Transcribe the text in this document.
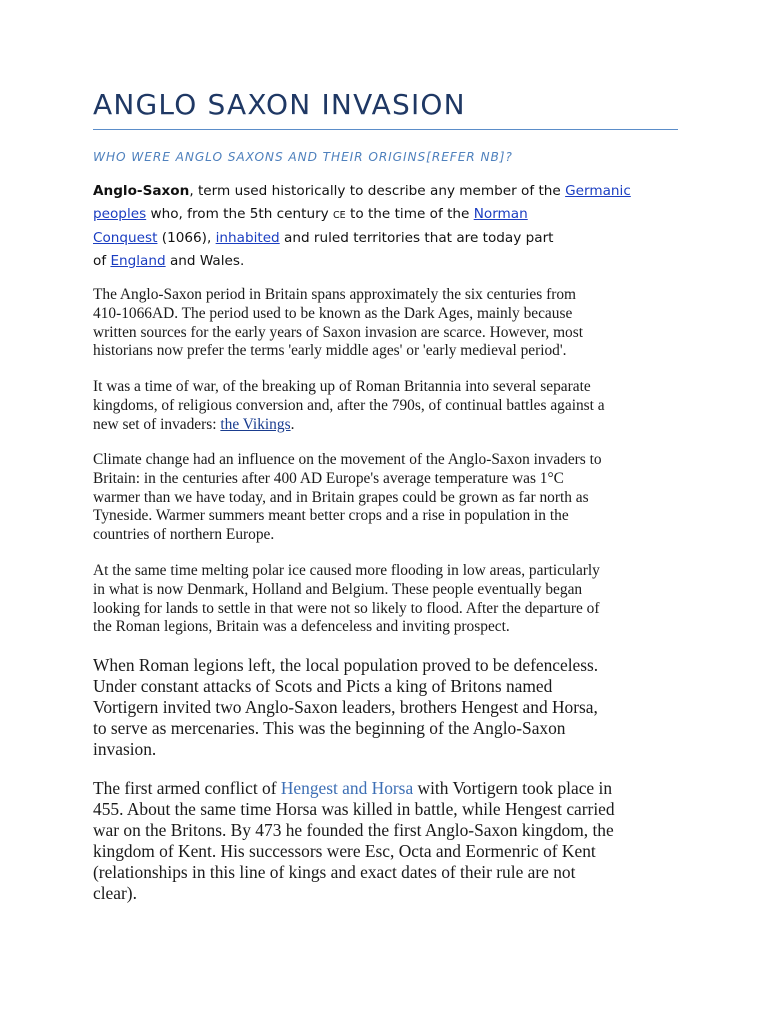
ANGLO SAXON INVASION

WHO WERE ANGLO SAXONS AND THEIR ORIGINS[REFER NB]?

Anglo-Saxon, term used historically to describe any member of the Germanic
peoples who, from the 5th century CE to the time of the Norman
Conquest (1066), inhabited and ruled territories that are today part
of England and Wales.

The Anglo-Saxon period in Britain spans approximately the six centuries from
410-1066AD. The period used to be known as the Dark Ages, mainly because
written sources for the early years of Saxon invasion are scarce. However, most
historians now prefer the terms 'early middle ages' or 'early medieval period'.

It was a time of war, of the breaking up of Roman Britannia into several separate
kingdoms, of religious conversion and, after the 790s, of continual battles against a
new set of invaders: the Vikings.

Climate change had an influence on the movement of the Anglo-Saxon invaders to
Britain: in the centuries after 400 AD Europe's average temperature was 1°C
warmer than we have today, and in Britain grapes could be grown as far north as
Tyneside. Warmer summers meant better crops and a rise in population in the
countries of northern Europe.

At the same time melting polar ice caused more flooding in low areas, particularly
in what is now Denmark, Holland and Belgium. These people eventually began
looking for lands to settle in that were not so likely to flood. After the departure of
the Roman legions, Britain was a defenceless and inviting prospect.

When Roman legions left, the local population proved to be defenceless.
Under constant attacks of Scots and Picts a king of Britons named
Vortigern invited two Anglo-Saxon leaders, brothers Hengest and Horsa,
to serve as mercenaries. This was the beginning of the Anglo-Saxon
invasion.

The first armed conflict of Hengest and Horsa with Vortigern took place in
455. About the same time Horsa was killed in battle, while Hengest carried
war on the Britons. By 473 he founded the first Anglo-Saxon kingdom, the
kingdom of Kent. His successors were Esc, Octa and Eormenric of Kent
(relationships in this line of kings and exact dates of their rule are not
clear).
